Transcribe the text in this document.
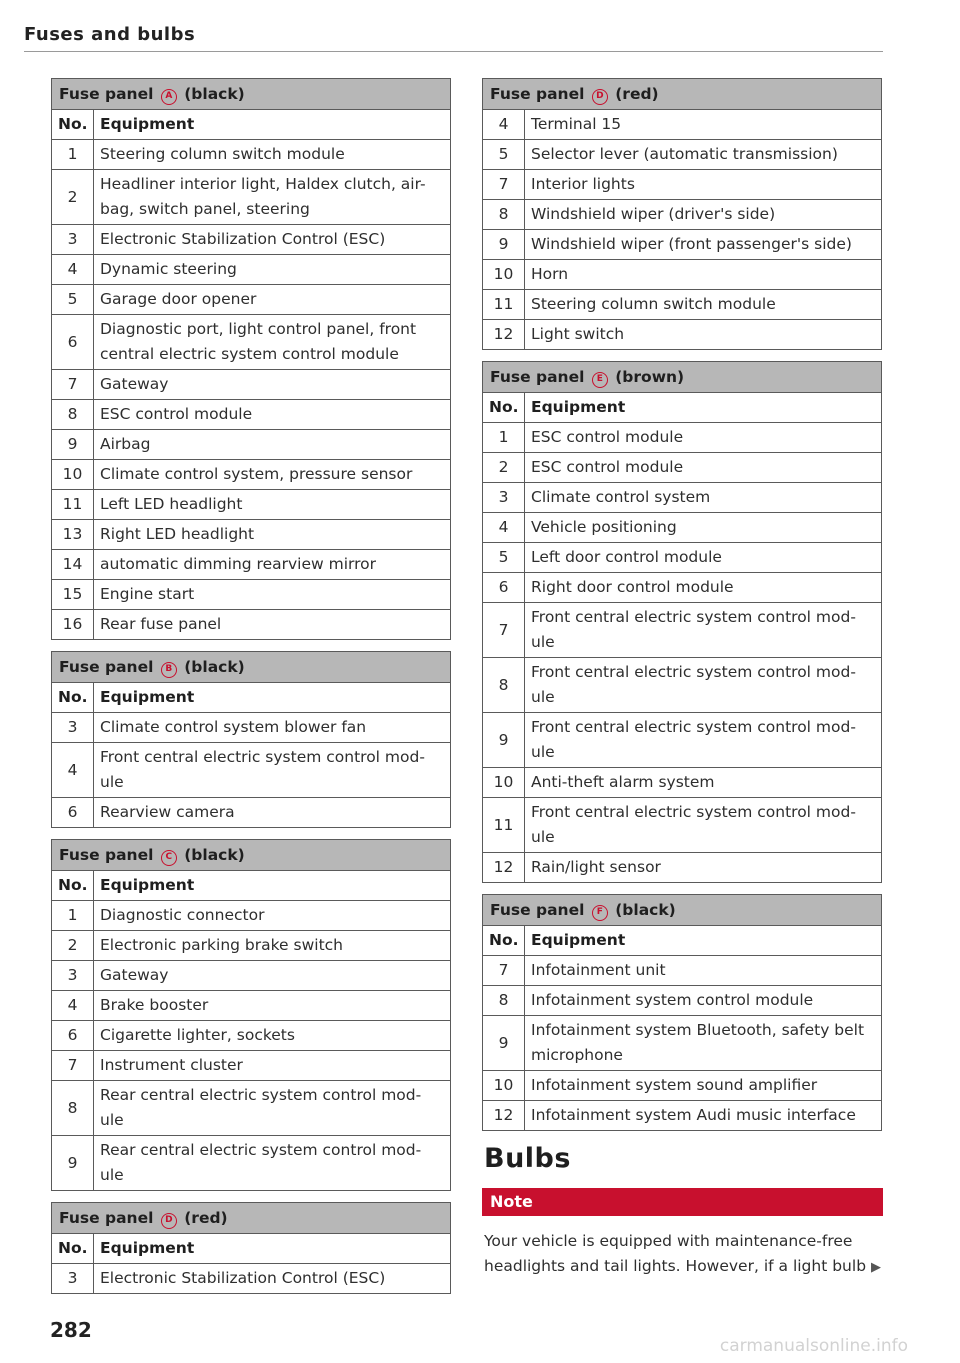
Fuses and bulbs
Fuse panel A (black)	
No.	Equipment
1	Steering column switch module
2	Headliner interior light, Haldex clutch, air-bag, switch panel, steering
3	Electronic Stabilization Control (ESC)
4	Dynamic steering
5	Garage door opener
6	Diagnostic port, light control panel, front central electric system control module
7	Gateway
8	ESC control module
9	Airbag
10	Climate control system, pressure sensor
11	Left LED headlight
13	Right LED headlight
14	automatic dimming rearview mirror
15	Engine start
16	Rear fuse panel
Fuse panel B (black)	
No.	Equipment
3	Climate control system blower fan
4	Front central electric system control mod-ule
6	Rearview camera
Fuse panel C (black)	
No.	Equipment
1	Diagnostic connector
2	Electronic parking brake switch
3	Gateway
4	Brake booster
6	Cigarette lighter, sockets
7	Instrument cluster
8	Rear central electric system control mod-ule
9	Rear central electric system control mod-ule
Fuse panel D (red)	
No.	Equipment
3	Electronic Stabilization Control (ESC)
Fuse panel D (red)	
4	Terminal 15
5	Selector lever (automatic transmission)
7	Interior lights
8	Windshield wiper (driver's side)
9	Windshield wiper (front passenger's side)
10	Horn
11	Steering column switch module
12	Light switch
Fuse panel E (brown)	
No.	Equipment
1	ESC control module
2	ESC control module
3	Climate control system
4	Vehicle positioning
5	Left door control module
6	Right door control module
7	Front central electric system control mod-ule
8	Front central electric system control mod-ule
9	Front central electric system control mod-ule
10	Anti-theft alarm system
11	Front central electric system control mod-ule
12	Rain/light sensor
Fuse panel F (black)	
No.	Equipment
7	Infotainment unit
8	Infotainment system control module
9	Infotainment system Bluetooth, safety belt microphone
10	Infotainment system sound amplifier
12	Infotainment system Audi music interface
Bulbs
Note
Your vehicle is equipped with maintenance-free headlights and tail lights. However, if a light bulb ▶
282
carmanualsonline.info
